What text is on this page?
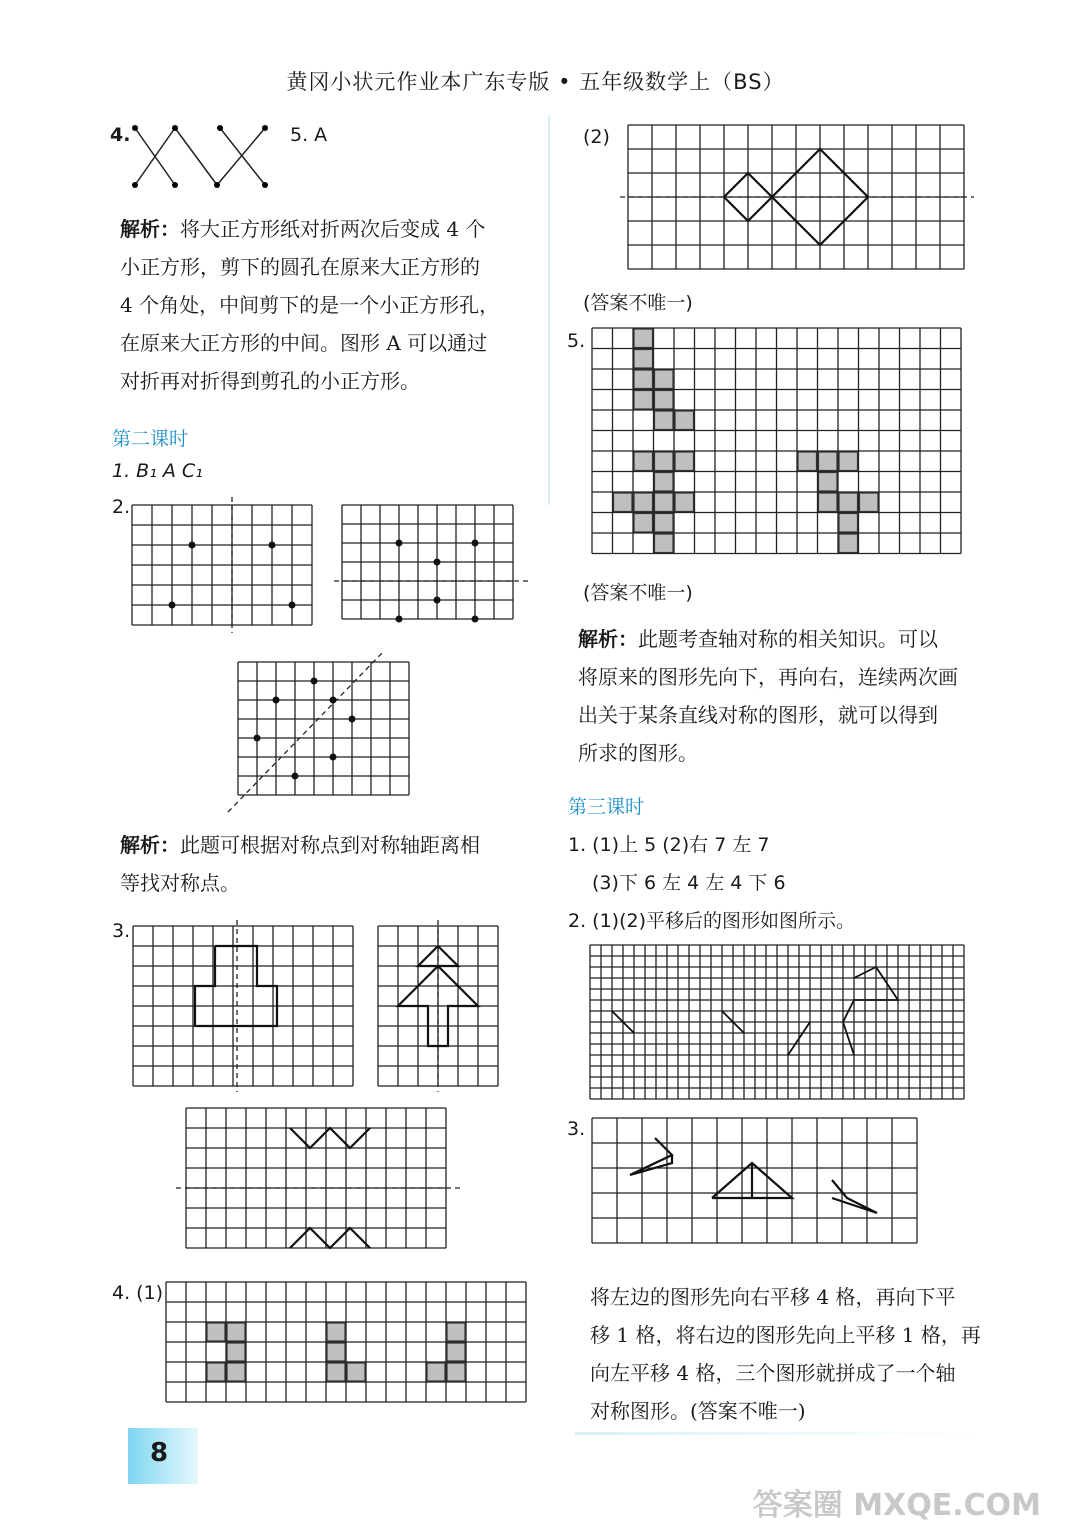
黄冈小状元作业本广东专版 • 五年级数学上（BS）
4.	5. A
解析：将大正方形纸对折两次后变成 4 个
小正方形，剪下的圆孔在原来大正方形的
4 个角处，中间剪下的是一个小正方形孔，
在原来大正方形的中间。图形 A 可以通过
对折再对折得到剪孔的小正方形。
第二课时
1. B₁ A C₁
2.
解析：此题可根据对称点到对称轴距离相
等找对称点。
3.
4. (1)
8
(2)
(答案不唯一)
5.
(答案不唯一)
解析：此题考查轴对称的相关知识。可以
将原来的图形先向下，再向右，连续两次画
出关于某条直线对称的图形，就可以得到
所求的图形。
第三课时
1. (1)上 5 (2)右 7 左 7
(3)下 6 左 4 左 4 下 6
2. (1)(2)平移后的图形如图所示。
3.
将左边的图形先向右平移 4 格，再向下平
移 1 格，将右边的图形先向上平移 1 格，再
向左平移 4 格，三个图形就拼成了一个轴
对称图形。(答案不唯一)
答案圈 MXQE.COM
